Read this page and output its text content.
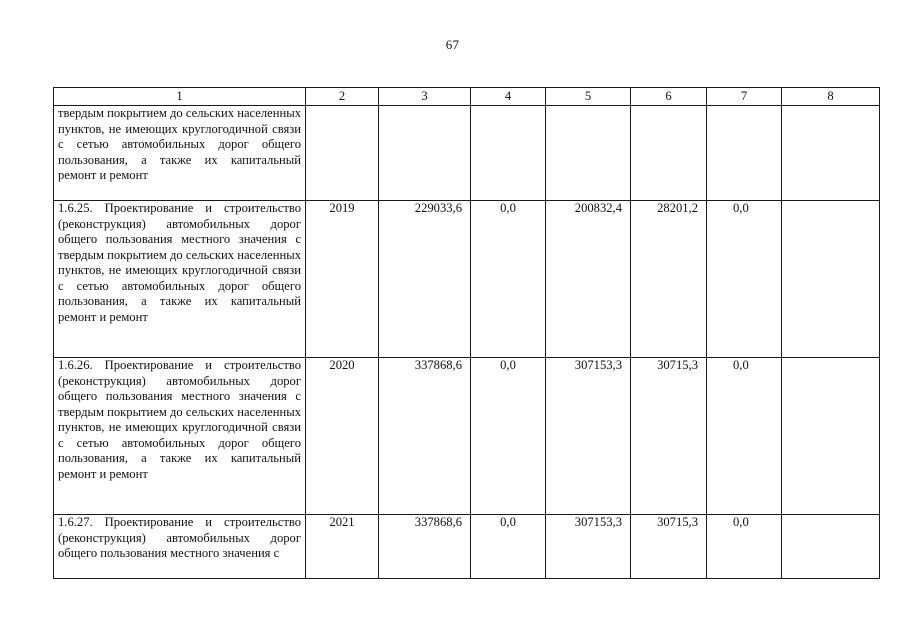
67
1	2	3	4	5	6	7	8
твердым покрытием до сельских населенных пунктов, не имеющих круглогодичной связи с сетью автомобильных дорог общего пользования, а также их капитальный ремонт и ремонт							
1.6.25. Проектирование и строительство (реконструкция) автомобильных дорог общего пользования местного значения с твердым покрытием до сельских населенных пунктов, не имеющих круглогодичной связи с сетью автомобильных дорог общего пользования, а также их капитальный ремонт и ремонт	2019	229033,6	0,0	200832,4	28201,2	0,0	
1.6.26. Проектирование и строительство (реконструкция) автомобильных дорог общего пользования местного значения с твердым покрытием до сельских населенных пунктов, не имеющих круглогодичной связи с сетью автомобильных дорог общего пользования, а также их капитальный ремонт и ремонт	2020	337868,6	0,0	307153,3	30715,3	0,0	
1.6.27. Проектирование и строительство (реконструкция) автомобильных дорог общего пользования местного значения с	2021	337868,6	0,0	307153,3	30715,3	0,0	
